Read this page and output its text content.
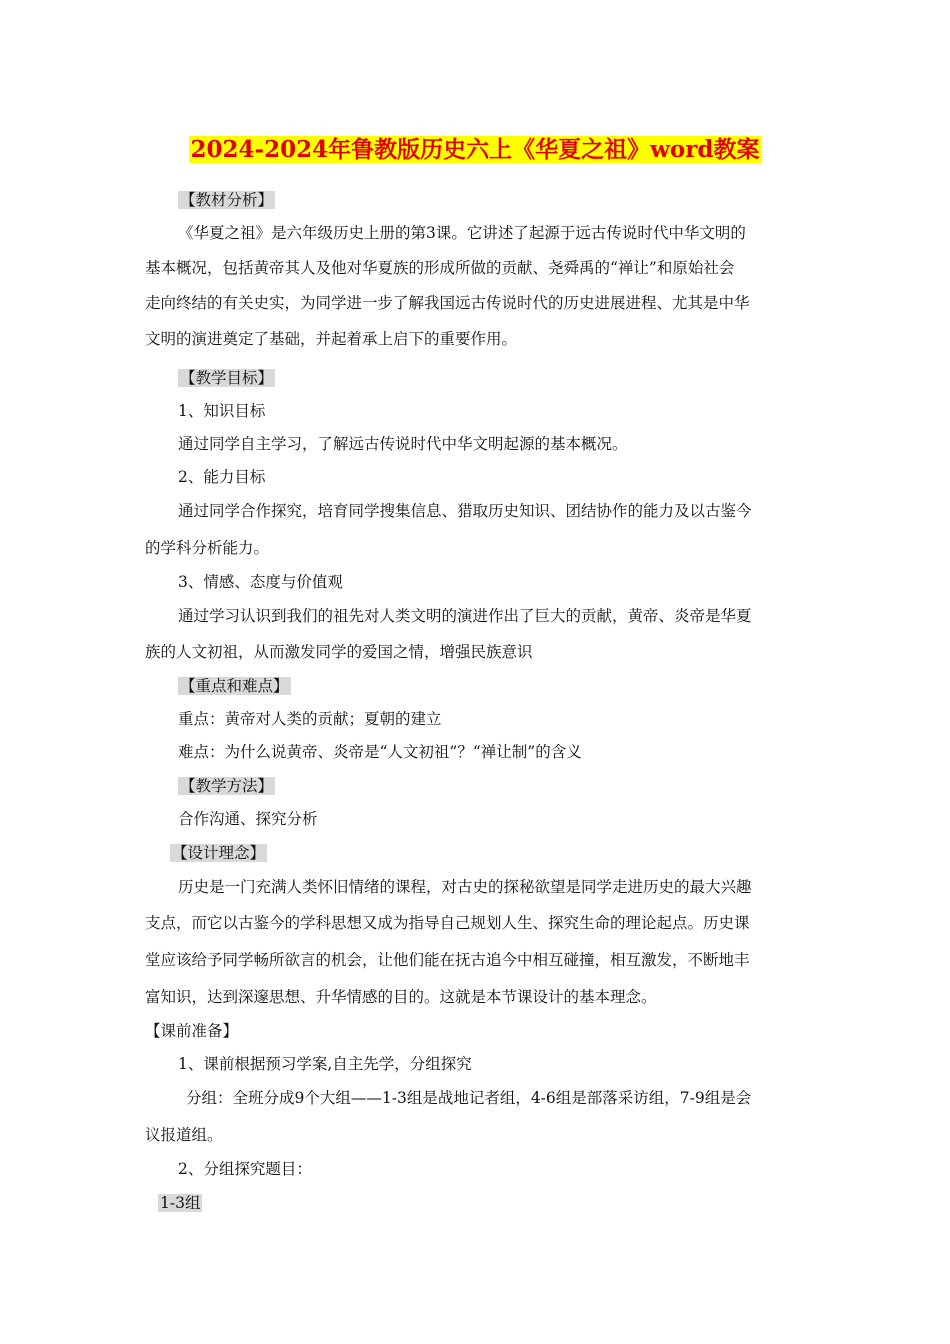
2024-2024年鲁教版历史六上《华夏之祖》word教案
【教材分析】
《华夏之祖》是六年级历史上册的第3课。它讲述了起源于远古传说时代中华文明的
基本概况，包括黄帝其人及他对华夏族的形成所做的贡献、尧舜禹的“禅让”和原始社会
走向终结的有关史实，为同学进一步了解我国远古传说时代的历史进展进程、尤其是中华
文明的演进奠定了基础，并起着承上启下的重要作用。
【教学目标】
1、知识目标
通过同学自主学习，了解远古传说时代中华文明起源的基本概况。
2、能力目标
通过同学合作探究，培育同学搜集信息、猎取历史知识、团结协作的能力及以古鉴今
的学科分析能力。
3、情感、态度与价值观
通过学习认识到我们的祖先对人类文明的演进作出了巨大的贡献，黄帝、炎帝是华夏
族的人文初祖，从而激发同学的爱国之情，增强民族意识
【重点和难点】
重点：黄帝对人类的贡献；夏朝的建立
难点：为什么说黄帝、炎帝是“人文初祖”？“禅让制”的含义
【教学方法】
合作沟通、探究分析
【设计理念】
历史是一门充满人类怀旧情绪的课程，对古史的探秘欲望是同学走进历史的最大兴趣
支点，而它以古鉴今的学科思想又成为指导自己规划人生、探究生命的理论起点。历史课
堂应该给予同学畅所欲言的机会，让他们能在抚古追今中相互碰撞，相互激发，不断地丰
富知识，达到深邃思想、升华情感的目的。这就是本节课设计的基本理念。
【课前准备】
1、课前根据预习学案,自主先学，分组探究
分组：全班分成9个大组——1-3组是战地记者组，4-6组是部落采访组，7-9组是会
议报道组。
2、分组探究题目：
1-3组
